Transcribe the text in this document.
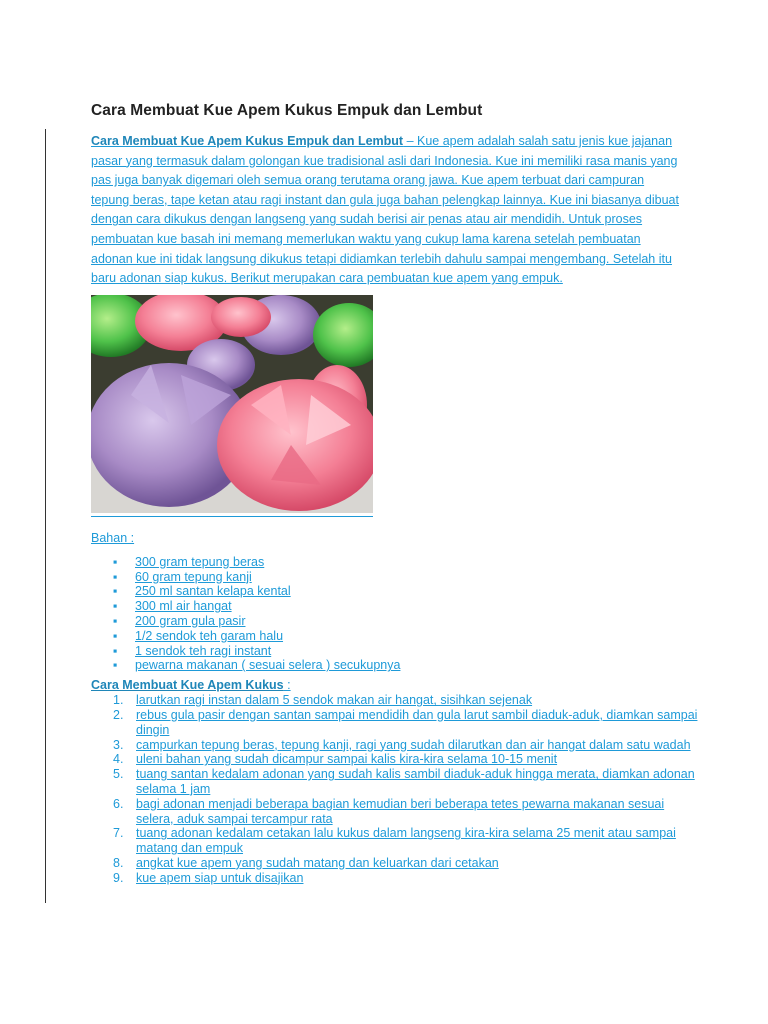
Cara Membuat Kue Apem Kukus Empuk dan Lembut

Cara Membuat Kue Apem Kukus Empuk dan Lembut – Kue apem adalah salah satu jenis kue jajanan pasar yang termasuk dalam golongan kue tradisional asli dari Indonesia. Kue ini memiliki rasa manis yang pas juga banyak digemari oleh semua orang terutama orang jawa. Kue apem terbuat dari campuran tepung beras, tape ketan atau ragi instant dan gula juga bahan pelengkap lainnya. Kue ini biasanya dibuat dengan cara dikukus dengan langseng yang sudah berisi air penas atau air mendidih. Untuk proses pembuatan kue basah ini memang memerlukan waktu yang cukup lama karena setelah pembuatan adonan kue ini tidak langsung dikukus tetapi didiamkan terlebih dahulu sampai mengembang. Setelah itu baru adonan siap kukus. Berikut merupakan cara pembuatan kue apem yang empuk.

Bahan :
▪ 300 gram tepung beras
▪ 60 gram tepung kanji
▪ 250 ml santan kelapa kental
▪ 300 ml air hangat
▪ 200 gram gula pasir
▪ 1/2 sendok teh garam halu
▪ 1 sendok teh ragi instant
▪ pewarna makanan ( sesuai selera ) secukupnya
Cara Membuat Kue Apem Kukus :
1. larutkan ragi instan dalam 5 sendok makan air hangat, sisihkan sejenak
2. rebus gula pasir dengan santan sampai mendidih dan gula larut sambil diaduk-aduk, diamkan sampai dingin
3. campurkan tepung beras, tepung kanji, ragi yang sudah dilarutkan dan air hangat dalam satu wadah
4. uleni bahan yang sudah dicampur sampai kalis kira-kira selama 10-15 menit
5. tuang santan kedalam adonan yang sudah kalis sambil diaduk-aduk hingga merata, diamkan adonan selama 1 jam
6. bagi adonan menjadi beberapa bagian kemudian beri beberapa tetes pewarna makanan sesuai selera, aduk sampai tercampur rata
7. tuang adonan kedalam cetakan lalu kukus dalam langseng kira-kira selama 25 menit atau sampai matang dan empuk
8. angkat kue apem yang sudah matang dan keluarkan dari cetakan
9. kue apem siap untuk disajikan
